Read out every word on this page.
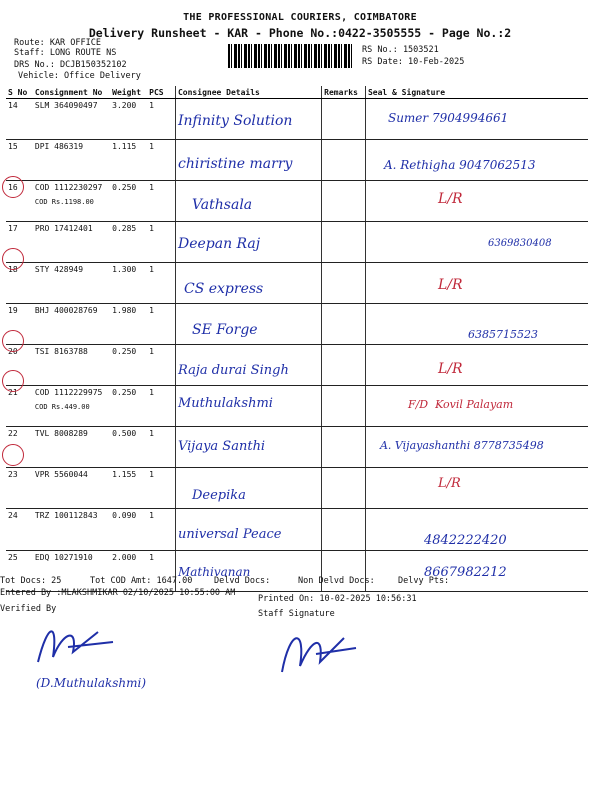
THE PROFESSIONAL COURIERS, COIMBATORE
Delivery Runsheet - KAR - Phone No.:0422-3505555 - Page No.:2
Route: KAR OFFICE
Staff: LONG ROUTE NS
DRS No.: DCJB150352102
Vehicle: Office Delivery
RS No.: 1503521
RS Date: 10-Feb-2025
S No	Consignment No	Weight	PCS	Consignee Details	Remarks	Seal & Signature
14	SLM 364090497	3.200	1	Infinity Solution		Sumer 7904994661

15	DPI 486319	1.115	1	chiristine marry		A. Rethigha 9047062513

16	COD 1112230297
COD Rs.1198.00	0.250	1	Vathsala		L/R

17	PRO 17412401	0.285	1	Deepan Raj		6369830408

18	STY 428949	1.300	1	CS express		L/R

19	BHJ 400028769	1.980	1	SE Forge		6385715523

20	TSI 8163788	0.250	1	Raja durai Singh		L/R

21	COD 1112229975
COD Rs.449.00	0.250	1	Muthulakshmi		F/D  Kovil Palayam

22	TVL 8008289	0.500	1	Vijaya Santhi		A. Vijayashanthi 8778735498

23	VPR 5560044	1.155	1	Deepika		L/R

24	TRZ 100112843	0.090	1	universal Peace		4842222420

25	EDQ 10271910	2.000	1	Mathivanan		8667982212
Tot Docs: 25	Tot COD Amt: 1647.00	Delvd Docs:	Non Delvd Docs:	Delvy Pts:
Entered By :MLAKSHMIKAR 02/10/2025 10:55:00 AM
Printed On: 10-02-2025 10:56:31
Verified By	Staff Signature
(D.Muthulakshmi)
